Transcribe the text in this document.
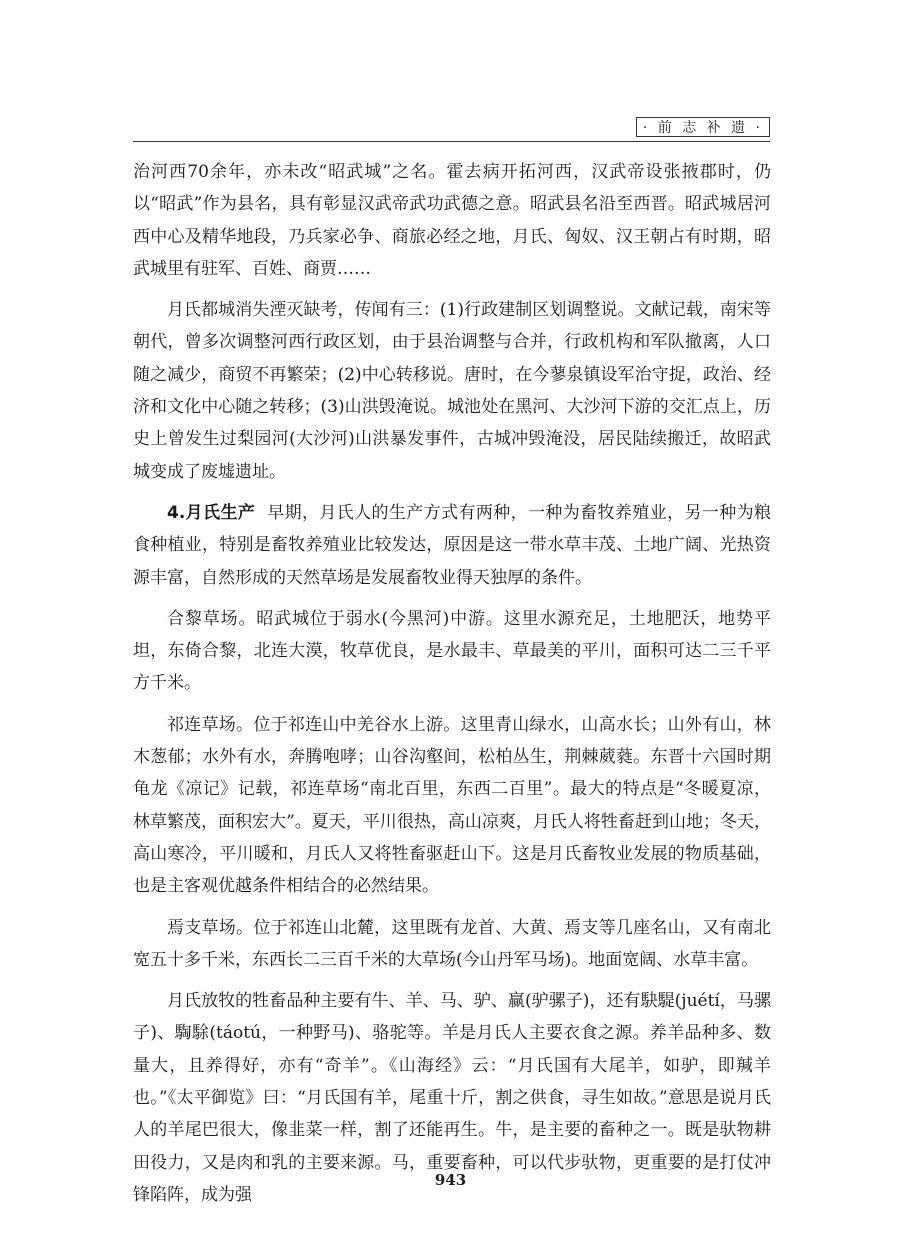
· 前 志 补 遗 ·

治河西70余年，亦未改“昭武城”之名。霍去病开拓河西，汉武帝设张掖郡时，仍以“昭武”作为县名，具有彰显汉武帝武功武德之意。昭武县名沿至西晋。昭武城居河西中心及精华地段，乃兵家必争、商旅必经之地，月氏、匈奴、汉王朝占有时期，昭武城里有驻军、百姓、商贾……

月氏都城消失湮灭缺考，传闻有三：(1)行政建制区划调整说。文献记载，南宋等朝代，曾多次调整河西行政区划，由于县治调整与合并，行政机构和军队撤离，人口随之减少，商贸不再繁荣；(2)中心转移说。唐时，在今蓼泉镇设军治守捉，政治、经济和文化中心随之转移；(3)山洪毁淹说。城池处在黑河、大沙河下游的交汇点上，历史上曾发生过梨园河(大沙河)山洪暴发事件，古城冲毁淹没，居民陆续搬迁，故昭武城变成了废墟遗址。

4.月氏生产 早期，月氏人的生产方式有两种，一种为畜牧养殖业，另一种为粮食种植业，特别是畜牧养殖业比较发达，原因是这一带水草丰茂、土地广阔、光热资源丰富，自然形成的天然草场是发展畜牧业得天独厚的条件。

合黎草场。昭武城位于弱水(今黑河)中游。这里水源充足，土地肥沃，地势平坦，东倚合黎，北连大漠，牧草优良，是水最丰、草最美的平川，面积可达二三千平方千米。

祁连草场。位于祁连山中羌谷水上游。这里青山绿水，山高水长；山外有山，林木葱郁；水外有水，奔腾咆哮；山谷沟壑间，松柏丛生，荆棘葳蕤。东晋十六国时期龟龙《凉记》记载，祁连草场“南北百里，东西二百里”。最大的特点是“冬暖夏凉，林草繁茂，面积宏大”。夏天，平川很热，高山凉爽，月氏人将牲畜赶到山地；冬天，高山寒冷，平川暖和，月氏人又将牲畜驱赶山下。这是月氏畜牧业发展的物质基础，也是主客观优越条件相结合的必然结果。

焉支草场。位于祁连山北麓，这里既有龙首、大黄、焉支等几座名山，又有南北宽五十多千米，东西长二三百千米的大草场(今山丹军马场)。地面宽阔、水草丰富。

月氏放牧的牲畜品种主要有牛、羊、马、驴、赢(驴骡子)，还有駃騠(juétí，马骡子)、騊駼(táotú，一种野马)、骆驼等。羊是月氏人主要衣食之源。养羊品种多、数量大，且养得好，亦有“奇羊”。《山海经》云：“月氏国有大尾羊，如驴，即羬羊也。”《太平御览》曰：“月氏国有羊，尾重十斤，割之供食，寻生如故。”意思是说月氏人的羊尾巴很大，像韭菜一样，割了还能再生。牛，是主要的畜种之一。既是驮物耕田役力，又是肉和乳的主要来源。马，重要畜种，可以代步驮物，更重要的是打仗冲锋陷阵，成为强

943
